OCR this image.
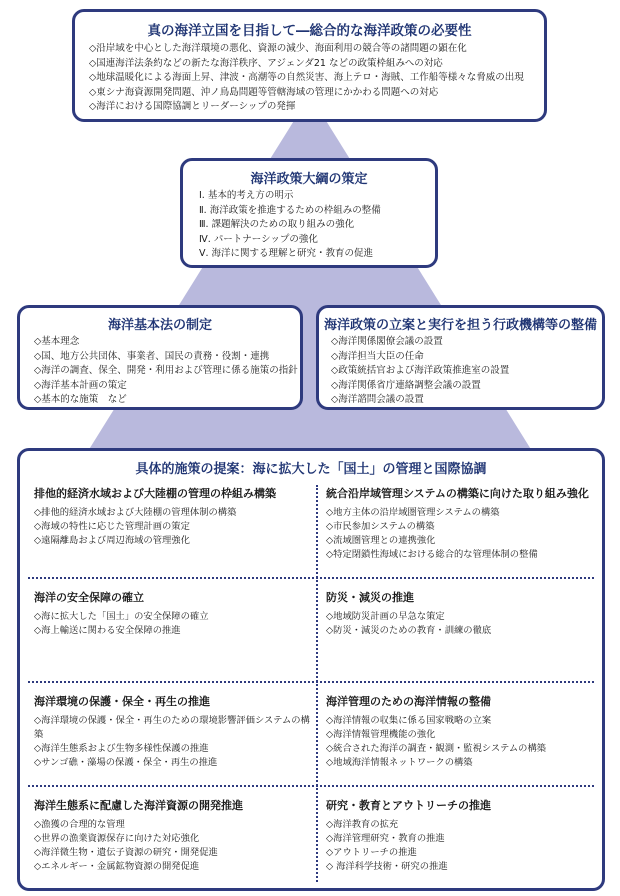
真の海洋立国を目指して―総合的な海洋政策の必要性
◇沿岸域を中心とした海洋環境の悪化、資源の減少、海面利用の競合等の諸問題の顕在化
◇国連海洋法条約などの新たな海洋秩序、アジェンダ21 などの政策枠組みへの対応
◇地球温暖化による海面上昇、津波・高潮等の自然災害、海上テロ・海賊、工作船等様々な脅威の出現
◇東シナ海資源開発問題、沖ノ鳥島問題等管轄海域の管理にかかわる問題への対応
◇海洋における国際協調とリーダーシップの発揮
海洋政策大綱の策定
Ⅰ. 基本的考え方の明示
Ⅱ. 海洋政策を推進するための枠組みの整備
Ⅲ. 課題解決のための取り組みの強化
Ⅳ. パートナーシップの強化
Ⅴ. 海洋に関する理解と研究・教育の促進
海洋基本法の制定
◇基本理念
◇国、地方公共団体、事業者、国民の責務・役割・連携
◇海洋の調査、保全、開発・利用および管理に係る施策の指針
◇海洋基本計画の策定
◇基本的な施策　など
海洋政策の立案と実行を担う行政機構等の整備
◇海洋関係閣僚会議の設置
◇海洋担当大臣の任命
◇政策統括官および海洋政策推進室の設置
◇海洋関係省庁連絡調整会議の設置
◇海洋諮問会議の設置
具体的施策の提案：海に拡大した「国土」の管理と国際協調
排他的経済水域および大陸棚の管理の枠組み構築
◇排他的経済水域および大陸棚の管理体制の構築
◇海域の特性に応じた管理計画の策定
◇遠隔離島および周辺海域の管理強化
統合沿岸域管理システムの構築に向けた取り組み強化
◇地方主体の沿岸域圏管理システムの構築
◇市民参加システムの構築
◇流域圏管理との連携強化
◇特定閉鎖性海域における総合的な管理体制の整備
海洋の安全保障の確立
◇海に拡大した「国土」の安全保障の確立
◇海上輸送に関わる安全保障の推進
防災・減災の推進
◇地域防災計画の早急な策定
◇防災・減災のための教育・訓練の徹底
海洋環境の保護・保全・再生の推進
◇海洋環境の保護・保全・再生のための環境影響評価システムの構築
◇海洋生態系および生物多様性保護の推進
◇サンゴ礁・藻場の保護・保全・再生の推進
海洋管理のための海洋情報の整備
◇海洋情報の収集に係る国家戦略の立案
◇海洋情報管理機能の強化
◇統合された海洋の調査・観測・監視システムの構築
◇地域海洋情報ネットワークの構築
海洋生態系に配慮した海洋資源の開発推進
◇漁獲の合理的な管理
◇世界の漁業資源保存に向けた対応強化
◇海洋微生物・遺伝子資源の研究・開発促進
◇エネルギー・金属鉱物資源の開発促進
研究・教育とアウトリーチの推進
◇海洋教育の拡充
◇海洋管理研究・教育の推進
◇アウトリーチの推進
◇ 海洋科学技術・研究の推進
